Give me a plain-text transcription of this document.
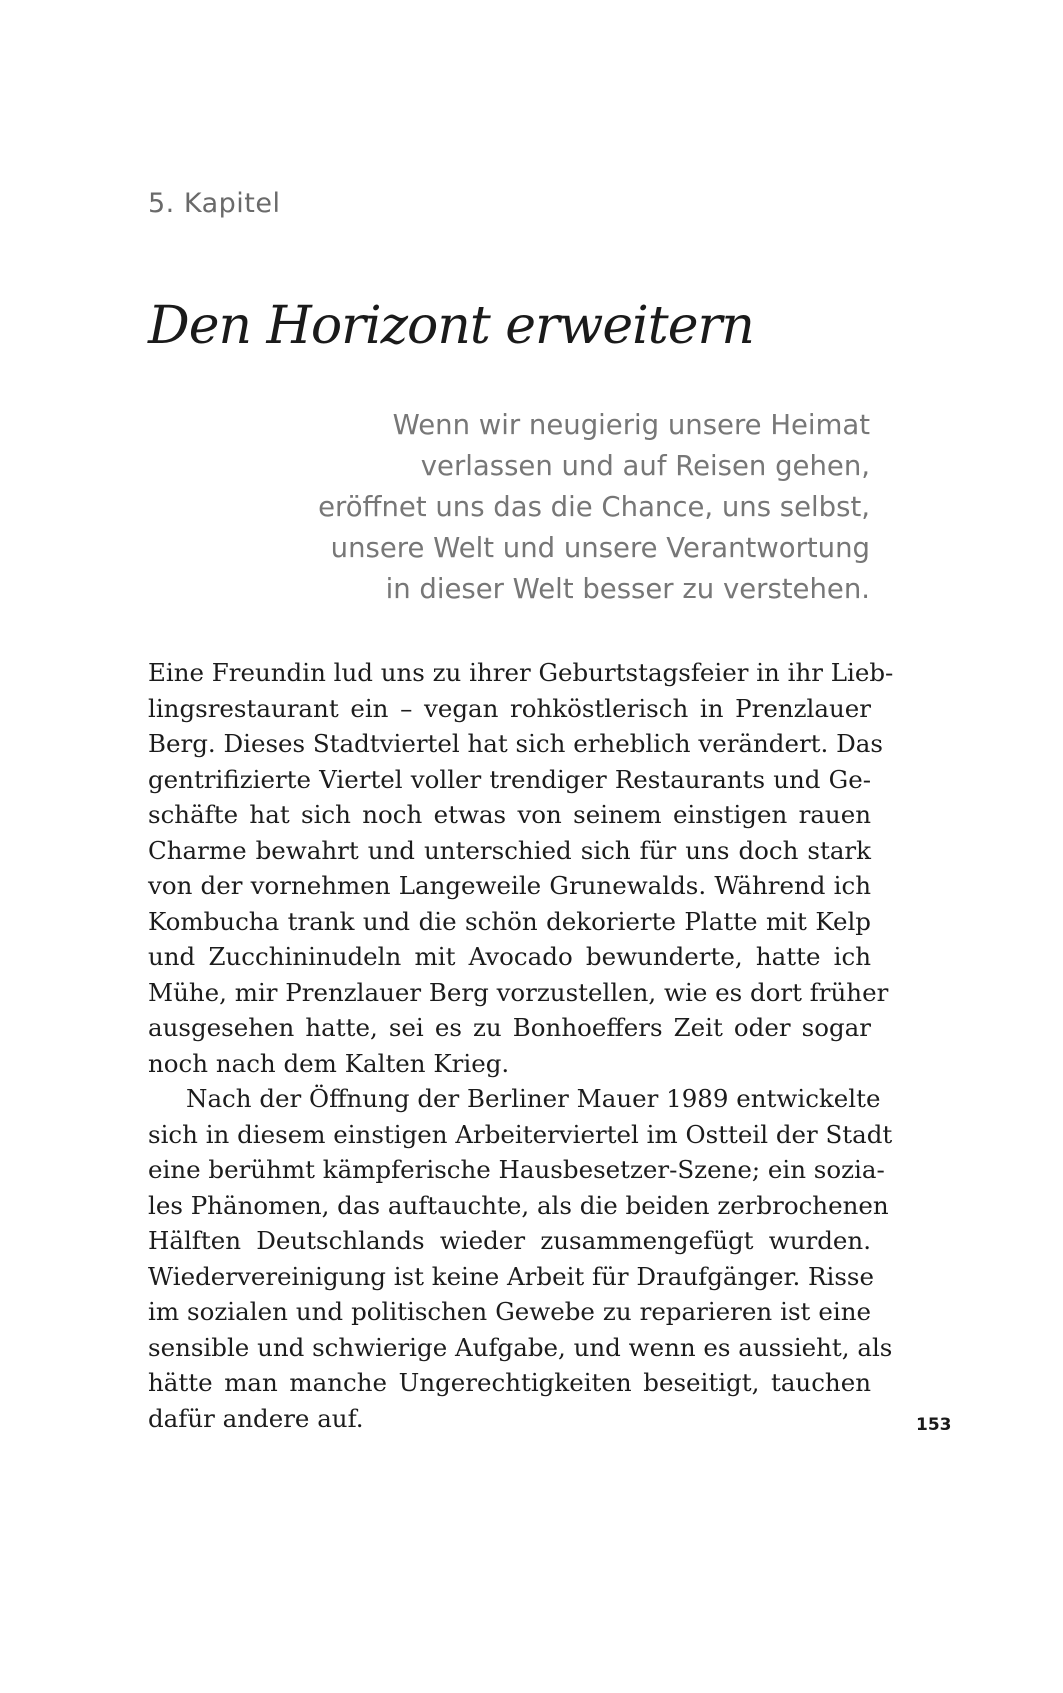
5. Kapitel
Den Horizont erweitern
Wenn wir neugierig unsere Heimat
verlassen und auf Reisen gehen,
eröffnet uns das die Chance, uns selbst,
unsere Welt und unsere Verantwortung
in dieser Welt besser zu verstehen.
Eine Freundin lud uns zu ihrer Geburtstagsfeier in ihr Lieb-
lingsrestaurant ein – vegan rohköstlerisch in Prenzlauer
Berg. Dieses Stadtviertel hat sich erheblich verändert. Das
gentrifizierte Viertel voller trendiger Restaurants und Ge-
schäfte hat sich noch etwas von seinem einstigen rauen
Charme bewahrt und unterschied sich für uns doch stark
von der vornehmen Langeweile Grunewalds. Während ich
Kombucha trank und die schön dekorierte Platte mit Kelp
und Zucchininudeln mit Avocado bewunderte, hatte ich
Mühe, mir Prenzlauer Berg vorzustellen, wie es dort früher
ausgesehen hatte, sei es zu Bonhoeffers Zeit oder sogar
noch nach dem Kalten Krieg.
Nach der Öffnung der Berliner Mauer 1989 entwickelte
sich in diesem einstigen Arbeiterviertel im Ostteil der Stadt
eine berühmt kämpferische Hausbesetzer-Szene; ein sozia-
les Phänomen, das auftauchte, als die beiden zerbrochenen
Hälften Deutschlands wieder zusammengefügt wurden.
Wiedervereinigung ist keine Arbeit für Draufgänger. Risse
im sozialen und politischen Gewebe zu reparieren ist eine
sensible und schwierige Aufgabe, und wenn es aussieht, als
hätte man manche Ungerechtigkeiten beseitigt, tauchen
dafür andere auf.	153
